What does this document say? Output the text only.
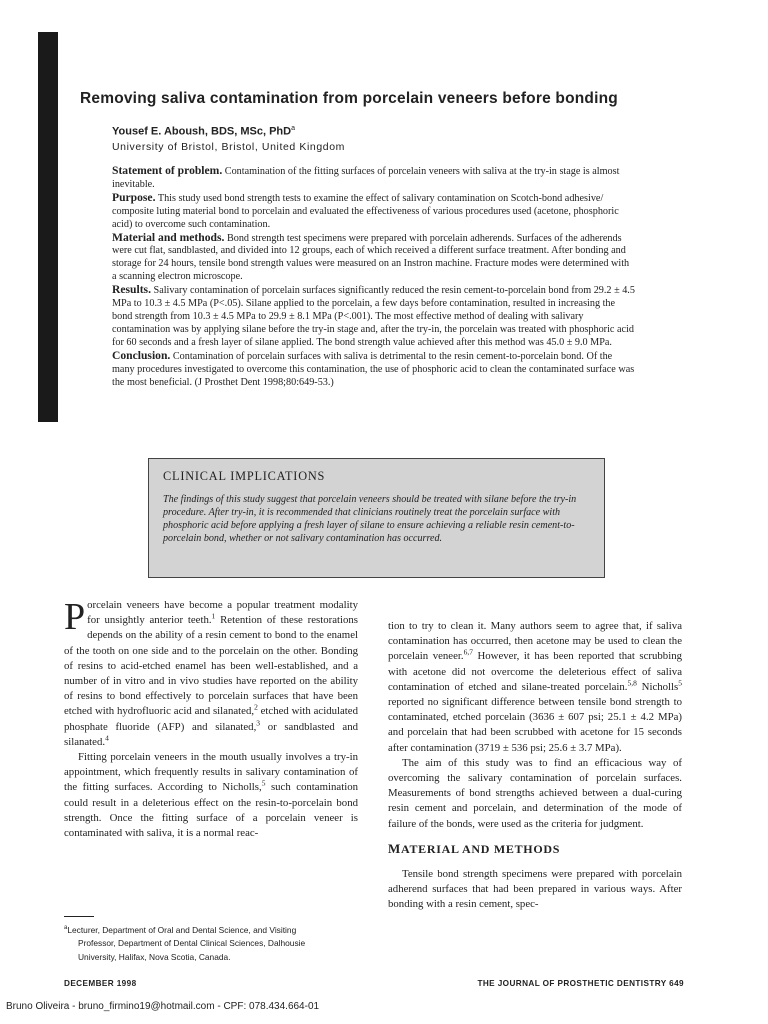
Removing saliva contamination from porcelain veneers before bonding
Yousef E. Aboush, BDS, MSc, PhD$^a$
University of Bristol, Bristol, United Kingdom

Statement of problem. Contamination of the fitting surfaces of porcelain veneers with saliva at the try-in stage is almost inevitable.

Purpose. This study used bond strength tests to examine the effect of salivary contamination on Scotch-bond adhesive/ composite luting material bond to porcelain and evaluated the effectiveness of various procedures used (acetone, phosphoric acid) to overcome such contamination.

Material and methods. Bond strength test specimens were prepared with porcelain adherends. Surfaces of the adherends were cut flat, sandblasted, and divided into 12 groups, each of which received a different surface treatment. After bonding and storage for 24 hours, tensile bond strength values were measured on an Instron machine. Fracture modes were determined with a scanning electron microscope.

Results. Salivary contamination of porcelain surfaces significantly reduced the resin cement-to-porcelain bond from 29.2 ± 4.5 MPa to 10.3 ± 4.5 MPa (P<.05). Silane applied to the porcelain, a few days before contamination, resulted in increasing the bond strength from 10.3 ± 4.5 MPa to 29.9 ± 8.1 MPa (P<.001). The most effective method of dealing with salivary contamination was by applying silane before the try-in stage and, after the try-in, the porcelain was treated with phosphoric acid for 60 seconds and a fresh layer of silane applied. The bond strength value achieved after this method was 45.0 ± 9.0 MPa.

Conclusion. Contamination of porcelain surfaces with saliva is detrimental to the resin cement-to-porcelain bond. Of the many procedures investigated to overcome this contamination, the use of phosphoric acid to clean the contaminated surface was the most beneficial. (J Prosthet Dent 1998;80:649-53.)

CLINICAL IMPLICATIONS
The findings of this study suggest that porcelain veneers should be treated with silane before the try-in procedure. After try-in, it is recommended that clinicians routinely treat the porcelain surface with phosphoric acid before applying a fresh layer of silane to ensure achieving a reliable resin cement-to-porcelain bond, whether or not salivary contamination has occurred.

Porcelain veneers have become a popular treatment modality for unsightly anterior teeth.$^1$ Retention of these restorations depends on the ability of a resin cement to bond to the enamel of the tooth on one side and to the porcelain on the other. Bonding of resins to acid-etched enamel has been well-established, and a number of in vitro and in vivo studies have reported on the ability of resins to bond effectively to porcelain surfaces that have been etched with hydrofluoric acid and silanated,$^2$ etched with acidulated phosphate fluoride (AFP) and silanated,$^3$ or sandblasted and silanated.$^4$

Fitting porcelain veneers in the mouth usually involves a try-in appointment, which frequently results in salivary contamination of the fitting surfaces. According to Nicholls,$^5$ such contamination could result in a deleterious effect on the resin-to-porcelain bond strength. Once the fitting surface of a porcelain veneer is contaminated with saliva, it is a normal reac-

tion to try to clean it. Many authors seem to agree that, if saliva contamination has occurred, then acetone may be used to clean the porcelain veneer.$^{6,7}$ However, it has been reported that scrubbing with acetone did not overcome the deleterious effect of saliva contamination of etched and silane-treated porcelain.$^{5,8}$ Nicholls$^5$ reported no significant difference between tensile bond strength to contaminated, etched porcelain (3636 ± 607 psi; 25.1 ± 4.2 MPa) and porcelain that had been scrubbed with acetone for 15 seconds after contamination (3719 ± 536 psi; 25.6 ± 3.7 MPa).

The aim of this study was to find an efficacious way of overcoming the salivary contamination of porcelain surfaces. Measurements of bond strengths achieved between a dual-curing resin cement and porcelain, and determination of the mode of failure of the bonds, were used as the criteria for judgment.

MATERIAL AND METHODS

Tensile bond strength specimens were prepared with porcelain adherend surfaces that had been prepared in various ways. After bonding with a resin cement, spec-

$^a$Lecturer, Department of Oral and Dental Science, and Visiting
Professor, Department of Dental Clinical Sciences, Dalhousie
University, Halifax, Nova Scotia, Canada.
DECEMBER 1998	THE JOURNAL OF PROSTHETIC DENTISTRY 649
Bruno Oliveira - bruno_firmino19@hotmail.com - CPF: 078.434.664-01
